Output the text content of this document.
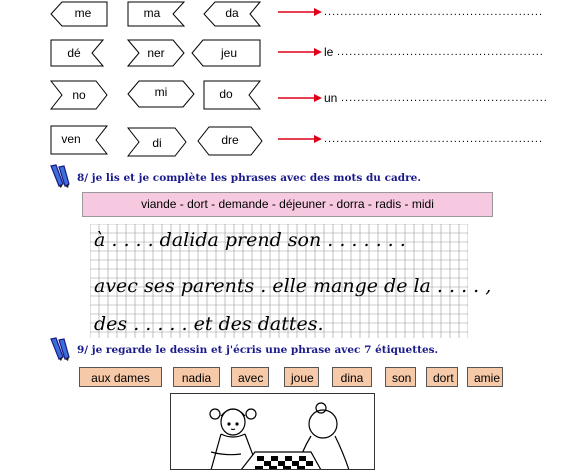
me	ma	da	......................................................
dé	ner	jeu	le ...................................................
no	mi	do	un ...................................................
ven	di	dre	......................................................
8/ je lis et je complète les phrases avec des mots du cadre.
viande - dort - demande - déjeuner - dorra - radis - midi
à . . . . dalida prend son . . . . . . .
avec ses parents . elle mange de la . . . . ,
des . . . . . et des dattes.
9/ je regarde le dessin et j'écris une phrase avec 7 étiquettes.
aux dames	nadia	avec	joue	dina	son	dort	amie
